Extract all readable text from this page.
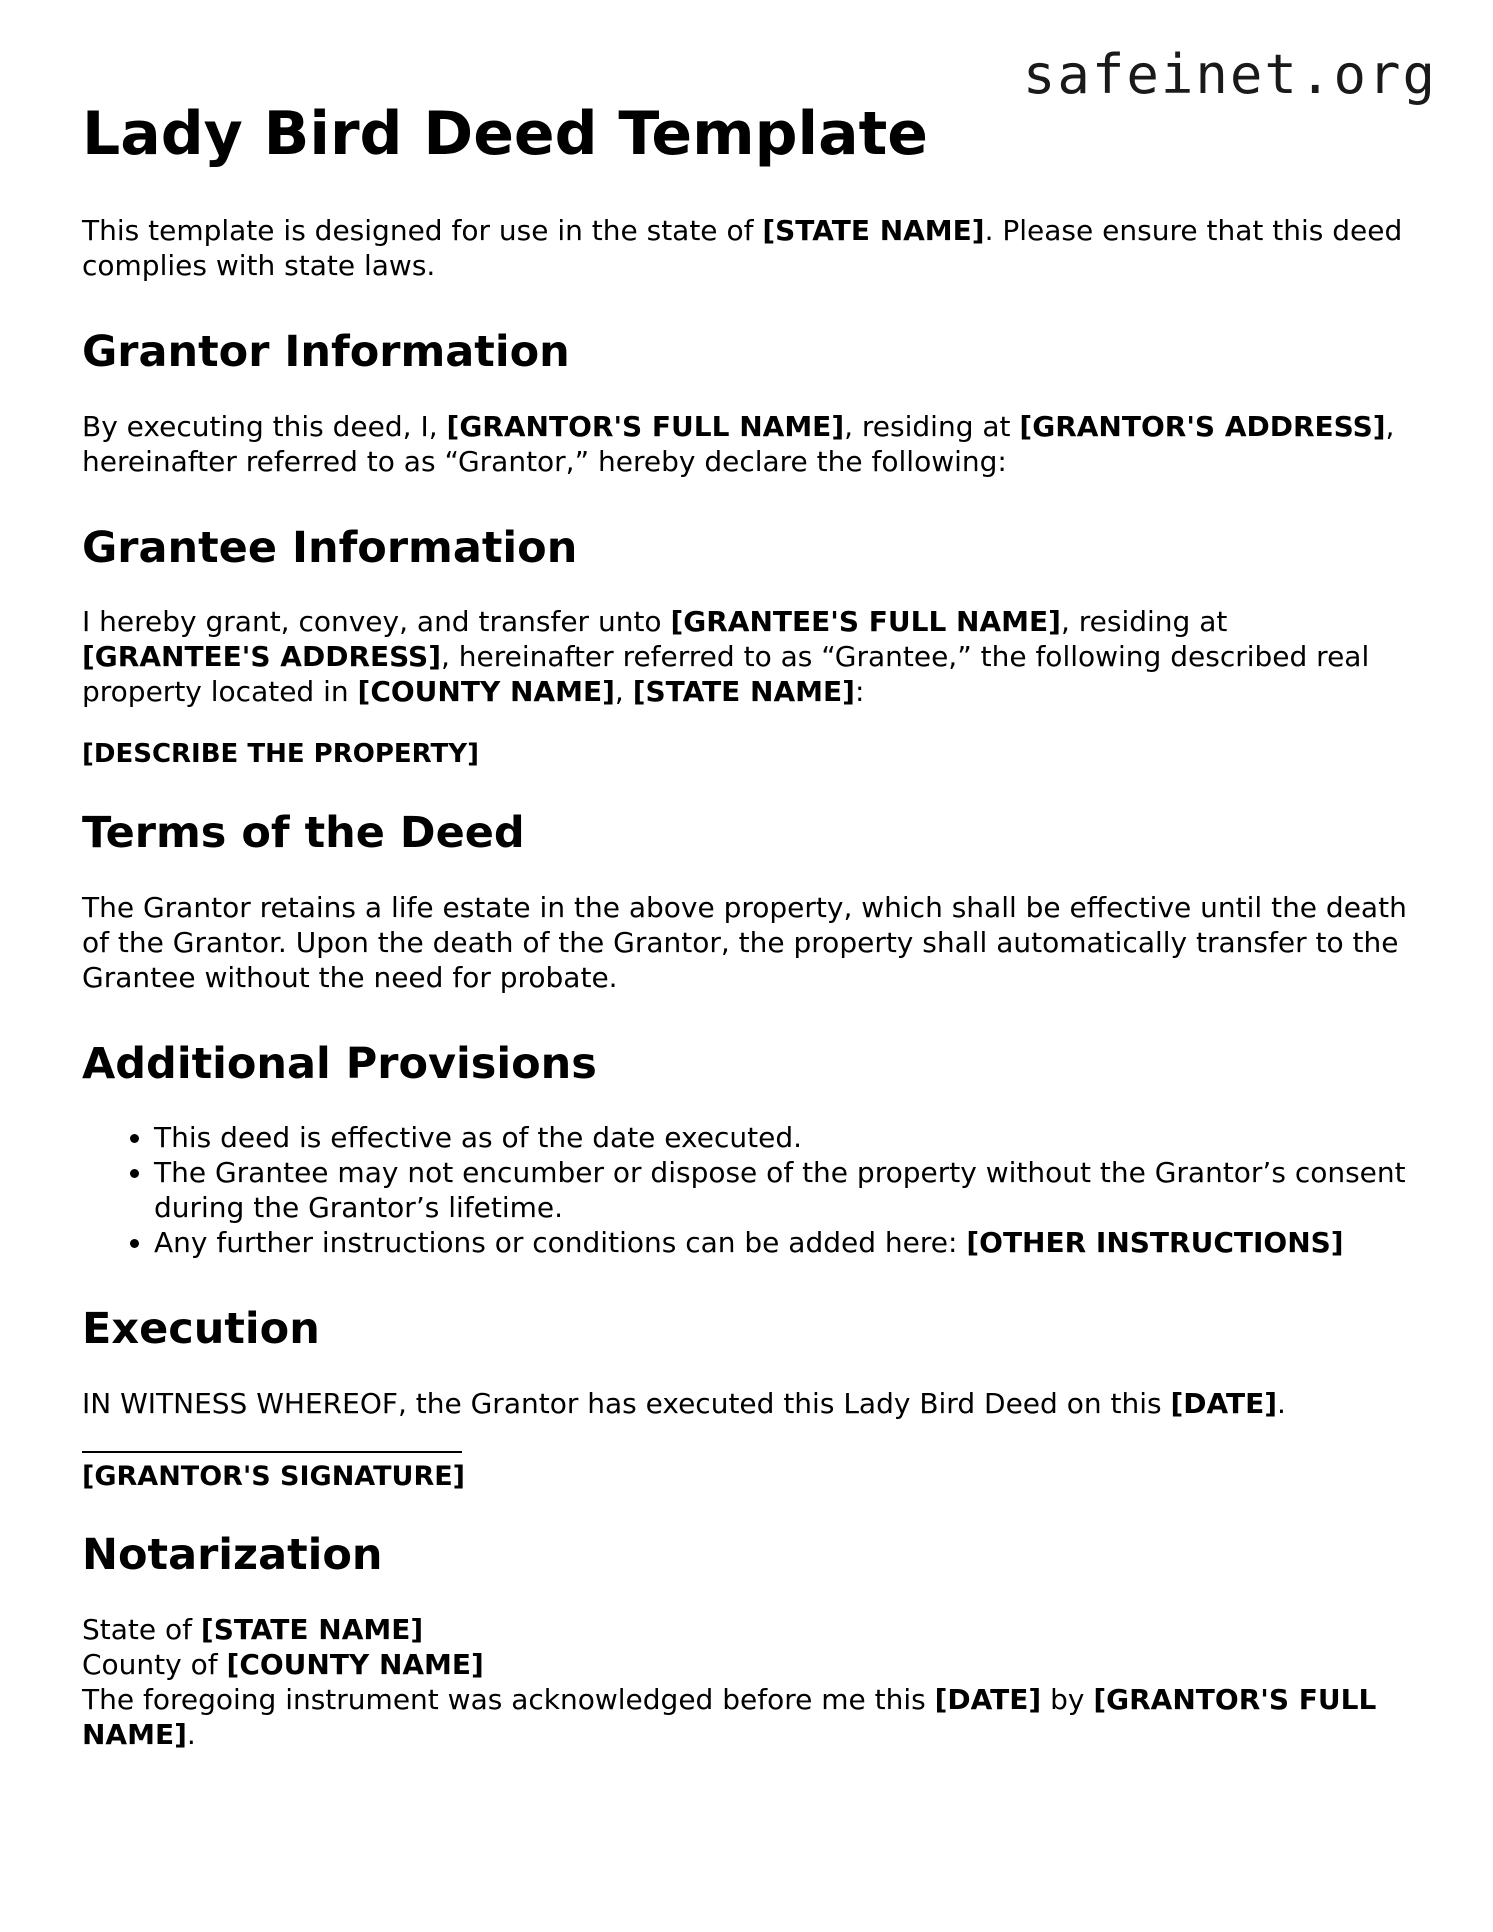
safeinet.org
Lady Bird Deed Template

This template is designed for use in the state of [STATE NAME]. Please ensure that this deed complies with state laws.

Grantor Information

By executing this deed, I, [GRANTOR'S FULL NAME], residing at [GRANTOR'S ADDRESS], hereinafter referred to as “Grantor,” hereby declare the following:

Grantee Information

I hereby grant, convey, and transfer unto [GRANTEE'S FULL NAME], residing at [GRANTEE'S ADDRESS], hereinafter referred to as “Grantee,” the following described real property located in [COUNTY NAME], [STATE NAME]:

[DESCRIBE THE PROPERTY]

Terms of the Deed

The Grantor retains a life estate in the above property, which shall be effective until the death of the Grantor. Upon the death of the Grantor, the property shall automatically transfer to the Grantee without the need for probate.

Additional Provisions
• This deed is effective as of the date executed.
• The Grantee may not encumber or dispose of the property without the Grantor’s consent during the Grantor’s lifetime.
• Any further instructions or conditions can be added here: [OTHER INSTRUCTIONS]
Execution

IN WITNESS WHEREOF, the Grantor has executed this Lady Bird Deed on this [DATE].

[GRANTOR'S SIGNATURE]

Notarization

State of [STATE NAME]
County of [COUNTY NAME]
The foregoing instrument was acknowledged before me this [DATE] by [GRANTOR'S FULL NAME].
